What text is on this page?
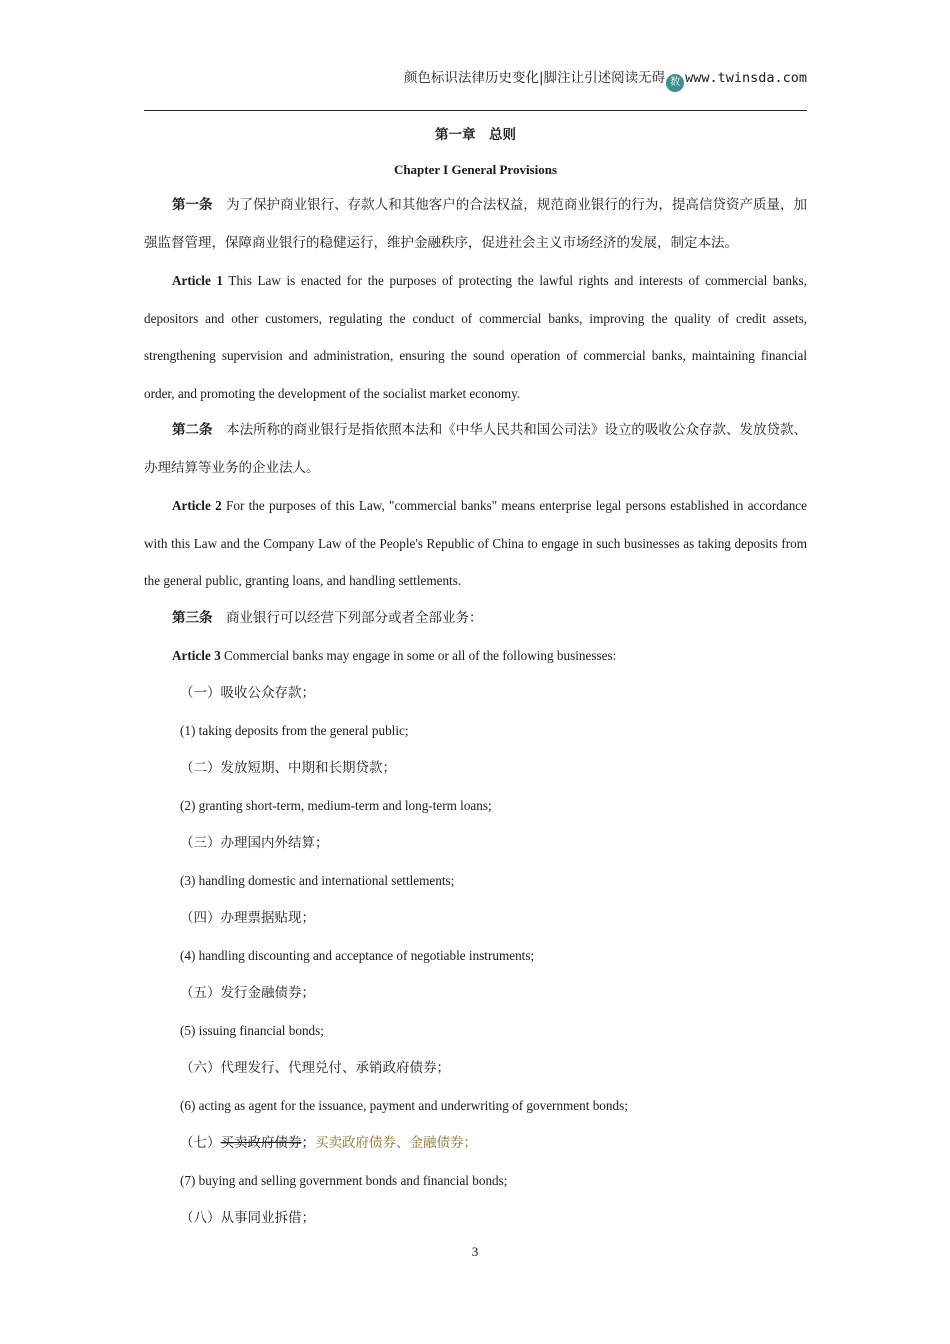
颜色标识法律历史变化|脚注让引述阅读无碍 数 www.twinsda.com
第一章　总则
Chapter I General Provisions
第一条　 为了保护商业银行、存款人和其他客户的合法权益，规范商业银行的行为，提高信贷资产质量，加强监督管理，保障商业银行的稳健运行，维护金融秩序，促进社会主义市场经济的发展，制定本法。
Article 1 This Law is enacted for the purposes of protecting the lawful rights and interests of commercial banks, depositors and other customers, regulating the conduct of commercial banks, improving the quality of credit assets, strengthening supervision and administration, ensuring the sound operation of commercial banks, maintaining financial order, and promoting the development of the socialist market economy.
第二条　 本法所称的商业银行是指依照本法和《中华人民共和国公司法》设立的吸收公众存款、发放贷款、办理结算等业务的企业法人。
Article 2 For the purposes of this Law, "commercial banks" means enterprise legal persons established in accordance with this Law and the Company Law of the People's Republic of China to engage in such businesses as taking deposits from the general public, granting loans, and handling settlements.
第三条　 商业银行可以经营下列部分或者全部业务：
Article 3 Commercial banks may engage in some or all of the following businesses:
（一）吸收公众存款；
(1) taking deposits from the general public;
（二）发放短期、中期和长期贷款；
(2) granting short-term, medium-term and long-term loans;
（三）办理国内外结算；
(3) handling domestic and international settlements;
（四）办理票据贴现；
(4) handling discounting and acceptance of negotiable instruments;
（五）发行金融债券；
(5) issuing financial bonds;
（六）代理发行、代理兑付、承销政府债券；
(6) acting as agent for the issuance, payment and underwriting of government bonds;
（七）买卖政府债券；买卖政府债券、金融债券；
(7) buying and selling government bonds and financial bonds;
（八）从事同业拆借；
3
